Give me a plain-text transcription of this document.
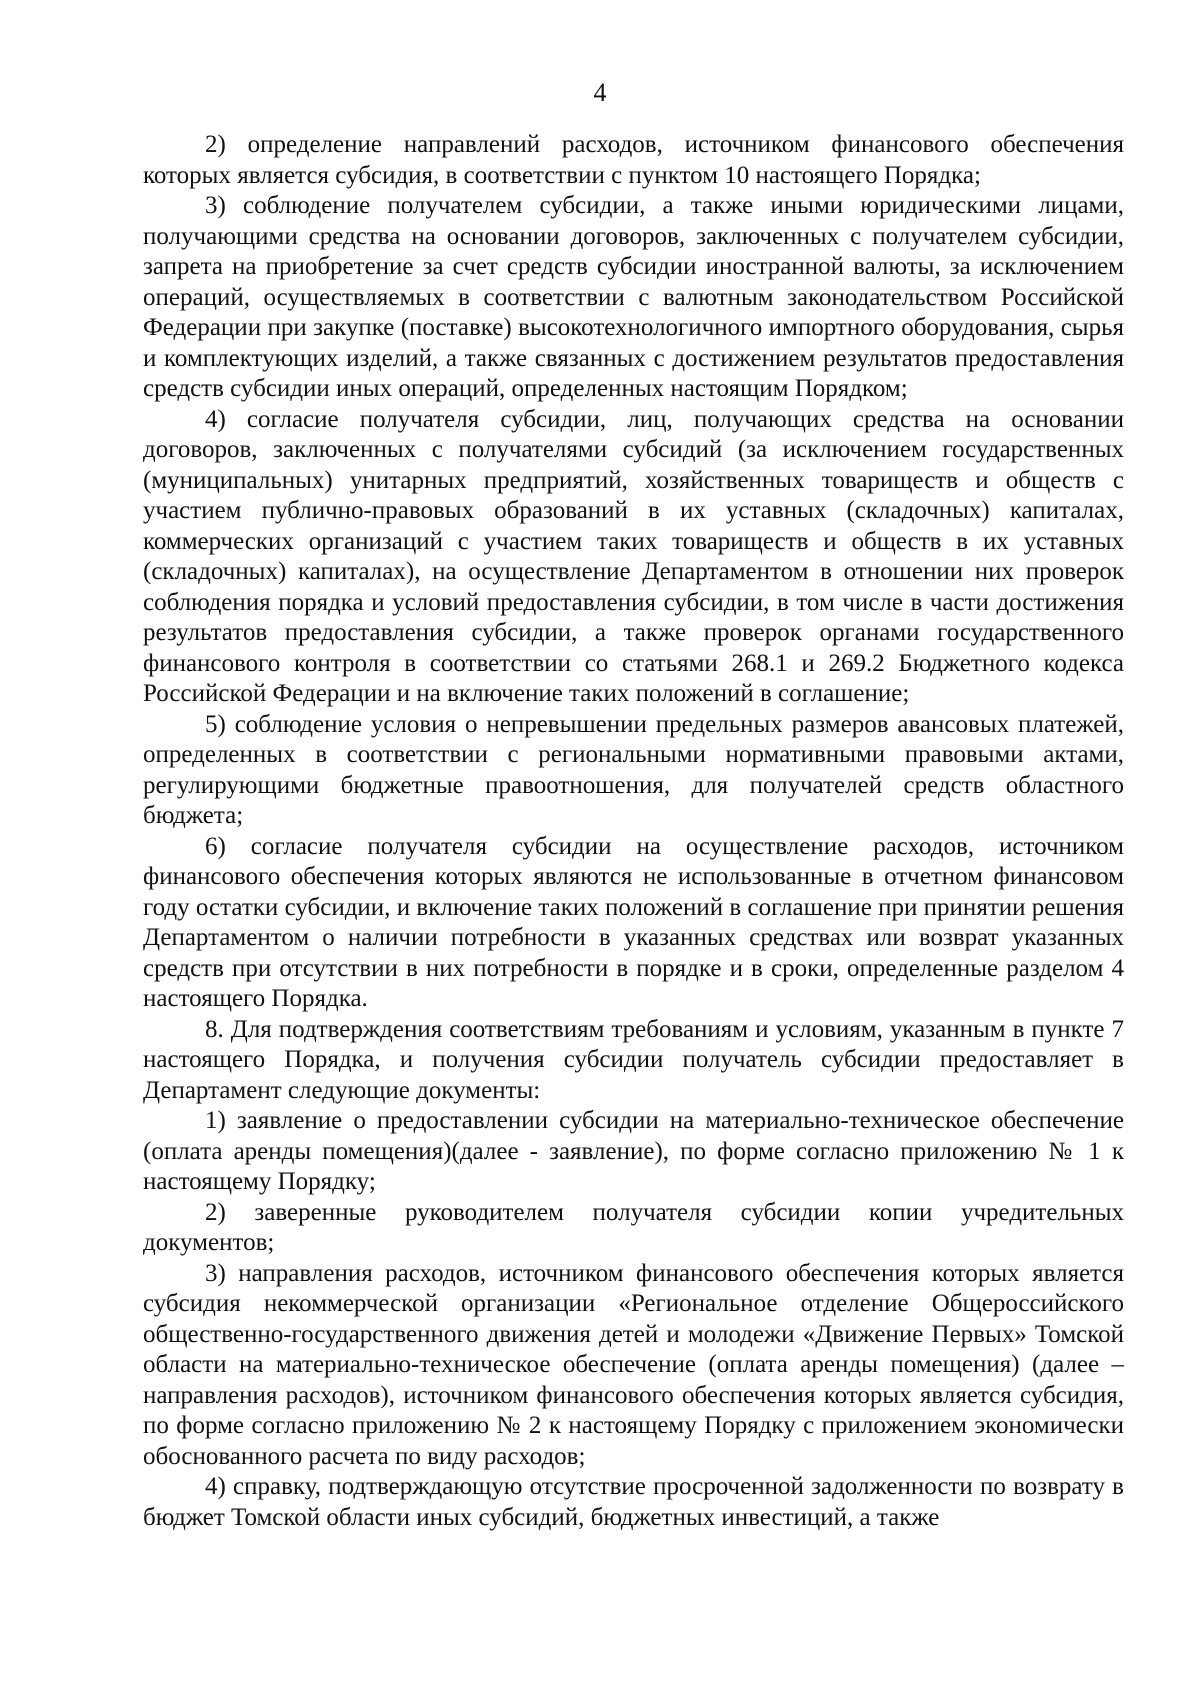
4

2) определение направлений расходов, источником финансового обеспечения которых является субсидия, в соответствии с пунктом 10 настоящего Порядка;

3) соблюдение получателем субсидии, а также иными юридическими лицами, получающими средства на основании договоров, заключенных с получателем субсидии, запрета на приобретение за счет средств субсидии иностранной валюты, за исключением операций, осуществляемых в соответствии с валютным законодательством Российской Федерации при закупке (поставке) высокотехнологичного импортного оборудования, сырья и комплектующих изделий, а также связанных с достижением результатов предоставления средств субсидии иных операций, определенных настоящим Порядком;

4) согласие получателя субсидии, лиц, получающих средства на основании договоров, заключенных с получателями субсидий (за исключением государственных (муниципальных) унитарных предприятий, хозяйственных товариществ и обществ с участием публично-правовых образований в их уставных (складочных) капиталах, коммерческих организаций с участием таких товариществ и обществ в их уставных (складочных) капиталах), на осуществление Департаментом в отношении них проверок соблюдения порядка и условий предоставления субсидии, в том числе в части достижения результатов предоставления субсидии, а также проверок органами государственного финансового контроля в соответствии со статьями 268.1 и 269.2 Бюджетного кодекса Российской Федерации и на включение таких положений в соглашение;

5) соблюдение условия о непревышении предельных размеров авансовых платежей, определенных в соответствии с региональными нормативными правовыми актами, регулирующими бюджетные правоотношения, для получателей средств областного бюджета;

6) согласие получателя субсидии на осуществление расходов, источником финансового обеспечения которых являются не использованные в отчетном финансовом году остатки субсидии, и включение таких положений в соглашение при принятии решения Департаментом о наличии потребности в указанных средствах или возврат указанных средств при отсутствии в них потребности в порядке и в сроки, определенные разделом 4 настоящего Порядка.

8. Для подтверждения соответствиям требованиям и условиям, указанным в пункте 7 настоящего Порядка, и получения субсидии получатель субсидии предоставляет в Департамент следующие документы:

1) заявление о предоставлении субсидии на материально-техническое обеспечение (оплата аренды помещения)(далее - заявление), по форме согласно приложению № 1 к настоящему Порядку;

2) заверенные руководителем получателя субсидии копии учредительных документов;

3) направления расходов, источником финансового обеспечения которых является субсидия некоммерческой организации «Региональное отделение Общероссийского общественно-государственного движения детей и молодежи «Движение Первых» Томской области на материально-техническое обеспечение (оплата аренды помещения) (далее – направления расходов), источником финансового обеспечения которых является субсидия, по форме согласно приложению № 2 к настоящему Порядку с приложением экономически обоснованного расчета по виду расходов;

4) справку, подтверждающую отсутствие просроченной задолженности по возврату в бюджет Томской области иных субсидий, бюджетных инвестиций, а также
